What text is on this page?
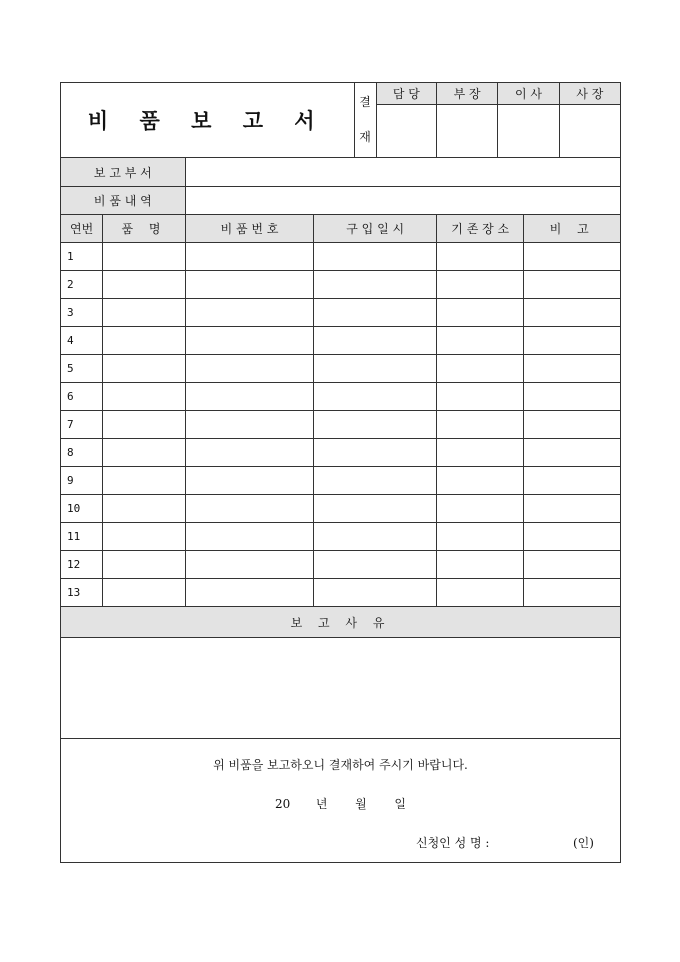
비 품 보 고 서				결
재	담 당	부 장	이 사		사 장

보 고 부 서									
비 품 내 역									
연번	품 명	비 품 번 호	구 입 일 시			기 존 장 소		비 고	
1									
2									
3									
4									
5									
6									
7									
8									
9									
10									
11									
12									
13									
보 고 사 유									

위 비품을 보고하오니 결재하여 주시기 바랍니다.
20 년 월 일
신청인 성 명 : (인)									
